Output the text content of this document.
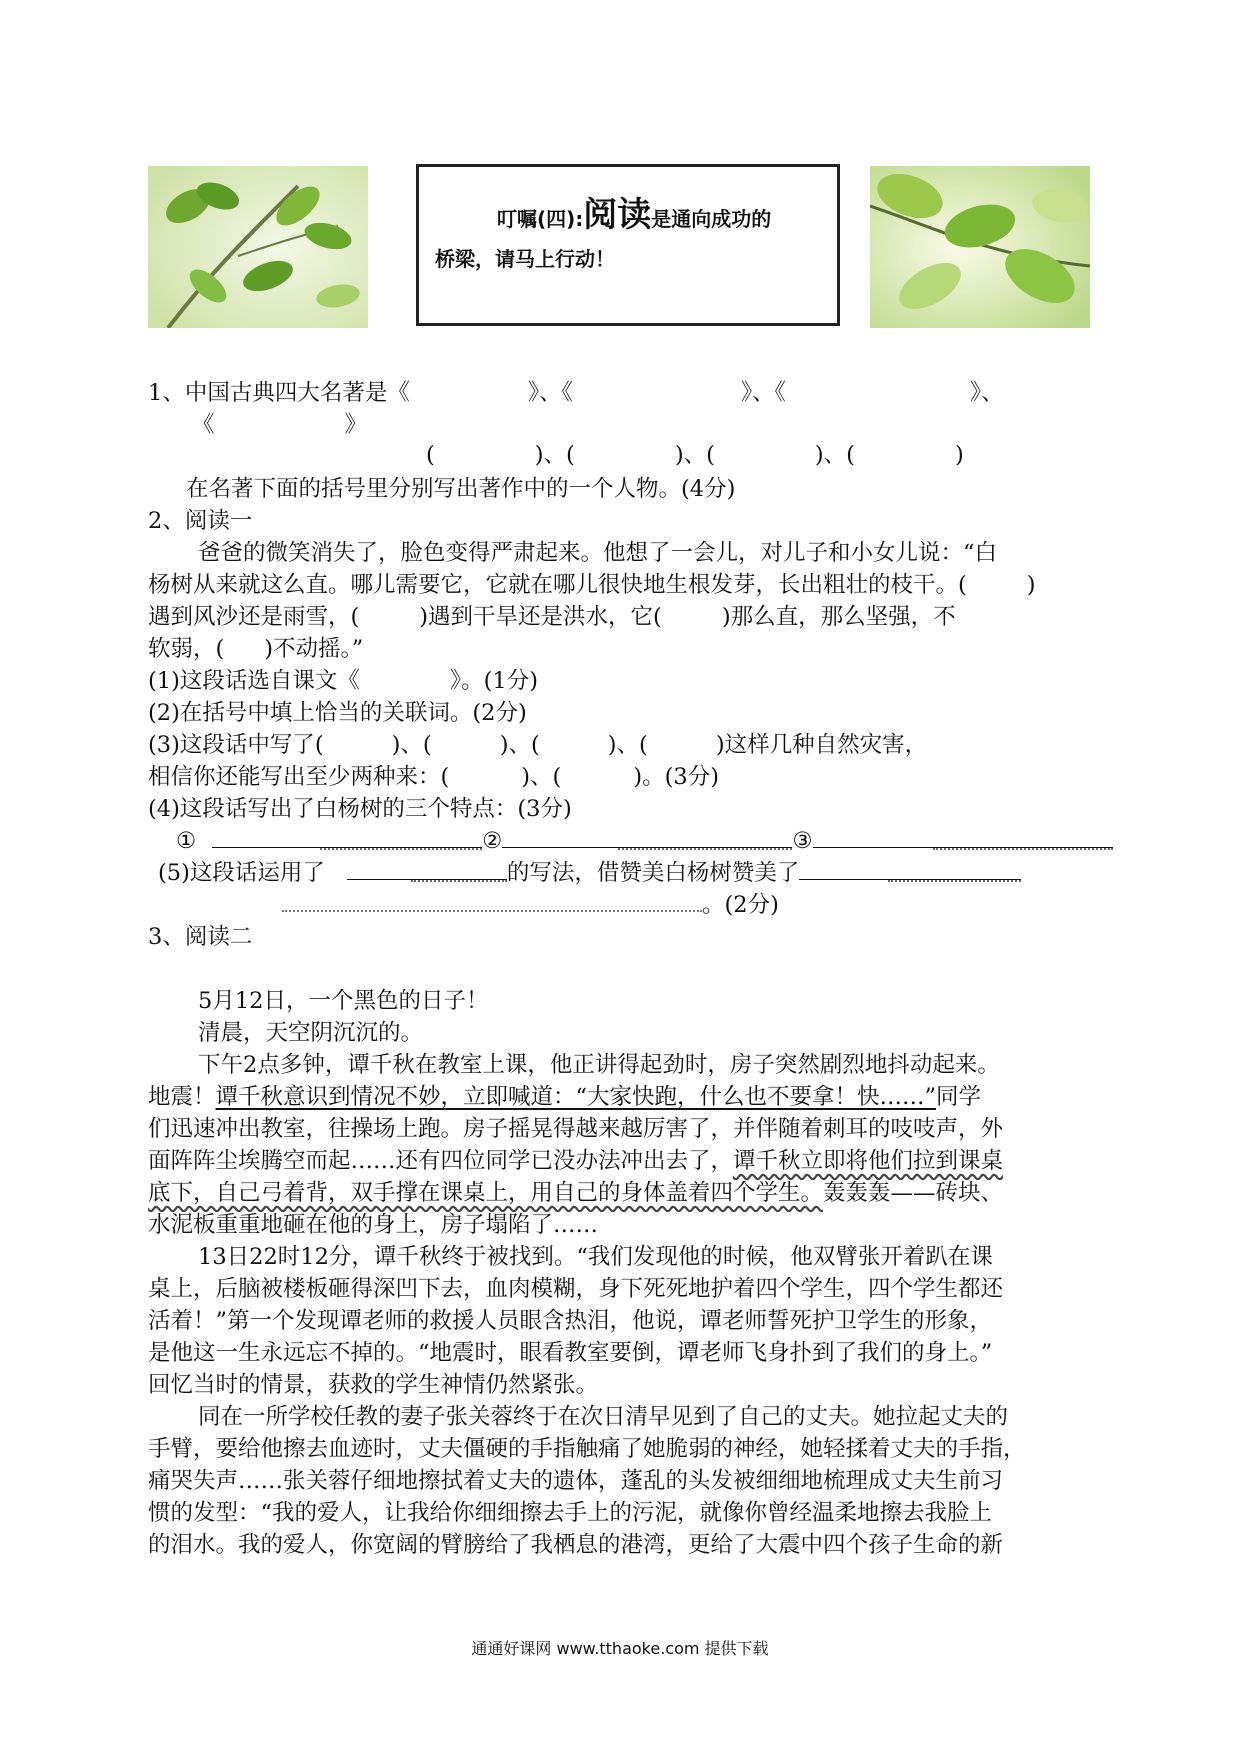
叮嘱(四):阅读是通向成功的
桥梁，请马上行动！
1、中国古典四大名著是《	》、《	》、《	》、
《	》
(	)、(	)、(	)、(	)
在名著下面的括号里分别写出著作中的一个人物。(4分)
2、阅读一
爸爸的微笑消失了，脸色变得严肃起来。他想了一会儿，对儿子和小女儿说：“白
杨树从来就这么直。哪儿需要它，它就在哪儿很快地生根发芽，长出粗壮的枝干。(	)
遇到风沙还是雨雪，(	)遇到干旱还是洪水，它(	)那么直，那么坚强，不
软弱，( )不动摇。”
(1)这段话选自课文《	》。(1分)
(2)在括号中填上恰当的关联词。(2分)
(3)这段话中写了(	)、(	)、(	)、(	)这样几种自然灾害，
相信你还能写出至少两种来：(	)、(	)。(3分)
(4)这段话写出了白杨树的三个特点：(3分)
①	②	③
(5)这段话运用了	的写法，借赞美白杨树赞美了
。(2分)
3、阅读二
5月12日，一个黑色的日子！
清晨，天空阴沉沉的。
下午2点多钟，谭千秋在教室上课，他正讲得起劲时，房子突然剧烈地抖动起来。
地震！谭千秋意识到情况不妙，立即喊道：“大家快跑，什么也不要拿！快……”同学
们迅速冲出教室，往操场上跑。房子摇晃得越来越厉害了，并伴随着刺耳的吱吱声，外
面阵阵尘埃腾空而起……还有四位同学已没办法冲出去了，谭千秋立即将他们拉到课桌
底下，自己弓着背，双手撑在课桌上，用自己的身体盖着四个学生。轰轰轰——砖块、
水泥板重重地砸在他的身上，房子塌陷了……
13日22时12分，谭千秋终于被找到。“我们发现他的时候，他双臂张开着趴在课
桌上，后脑被楼板砸得深凹下去，血肉模糊，身下死死地护着四个学生，四个学生都还
活着！”第一个发现谭老师的救援人员眼含热泪，他说，谭老师誓死护卫学生的形象，
是他这一生永远忘不掉的。“地震时，眼看教室要倒，谭老师飞身扑到了我们的身上。”
回忆当时的情景，获救的学生神情仍然紧张。
同在一所学校任教的妻子张关蓉终于在次日清早见到了自己的丈夫。她拉起丈夫的
手臂，要给他擦去血迹时，丈夫僵硬的手指触痛了她脆弱的神经，她轻揉着丈夫的手指，
痛哭失声……张关蓉仔细地擦拭着丈夫的遗体，蓬乱的头发被细细地梳理成丈夫生前习
惯的发型：“我的爱人，让我给你细细擦去手上的污泥，就像你曾经温柔地擦去我脸上
的泪水。我的爱人，你宽阔的臂膀给了我栖息的港湾，更给了大震中四个孩子生命的新
通通好课网 www.tthaoke.com 提供下载
